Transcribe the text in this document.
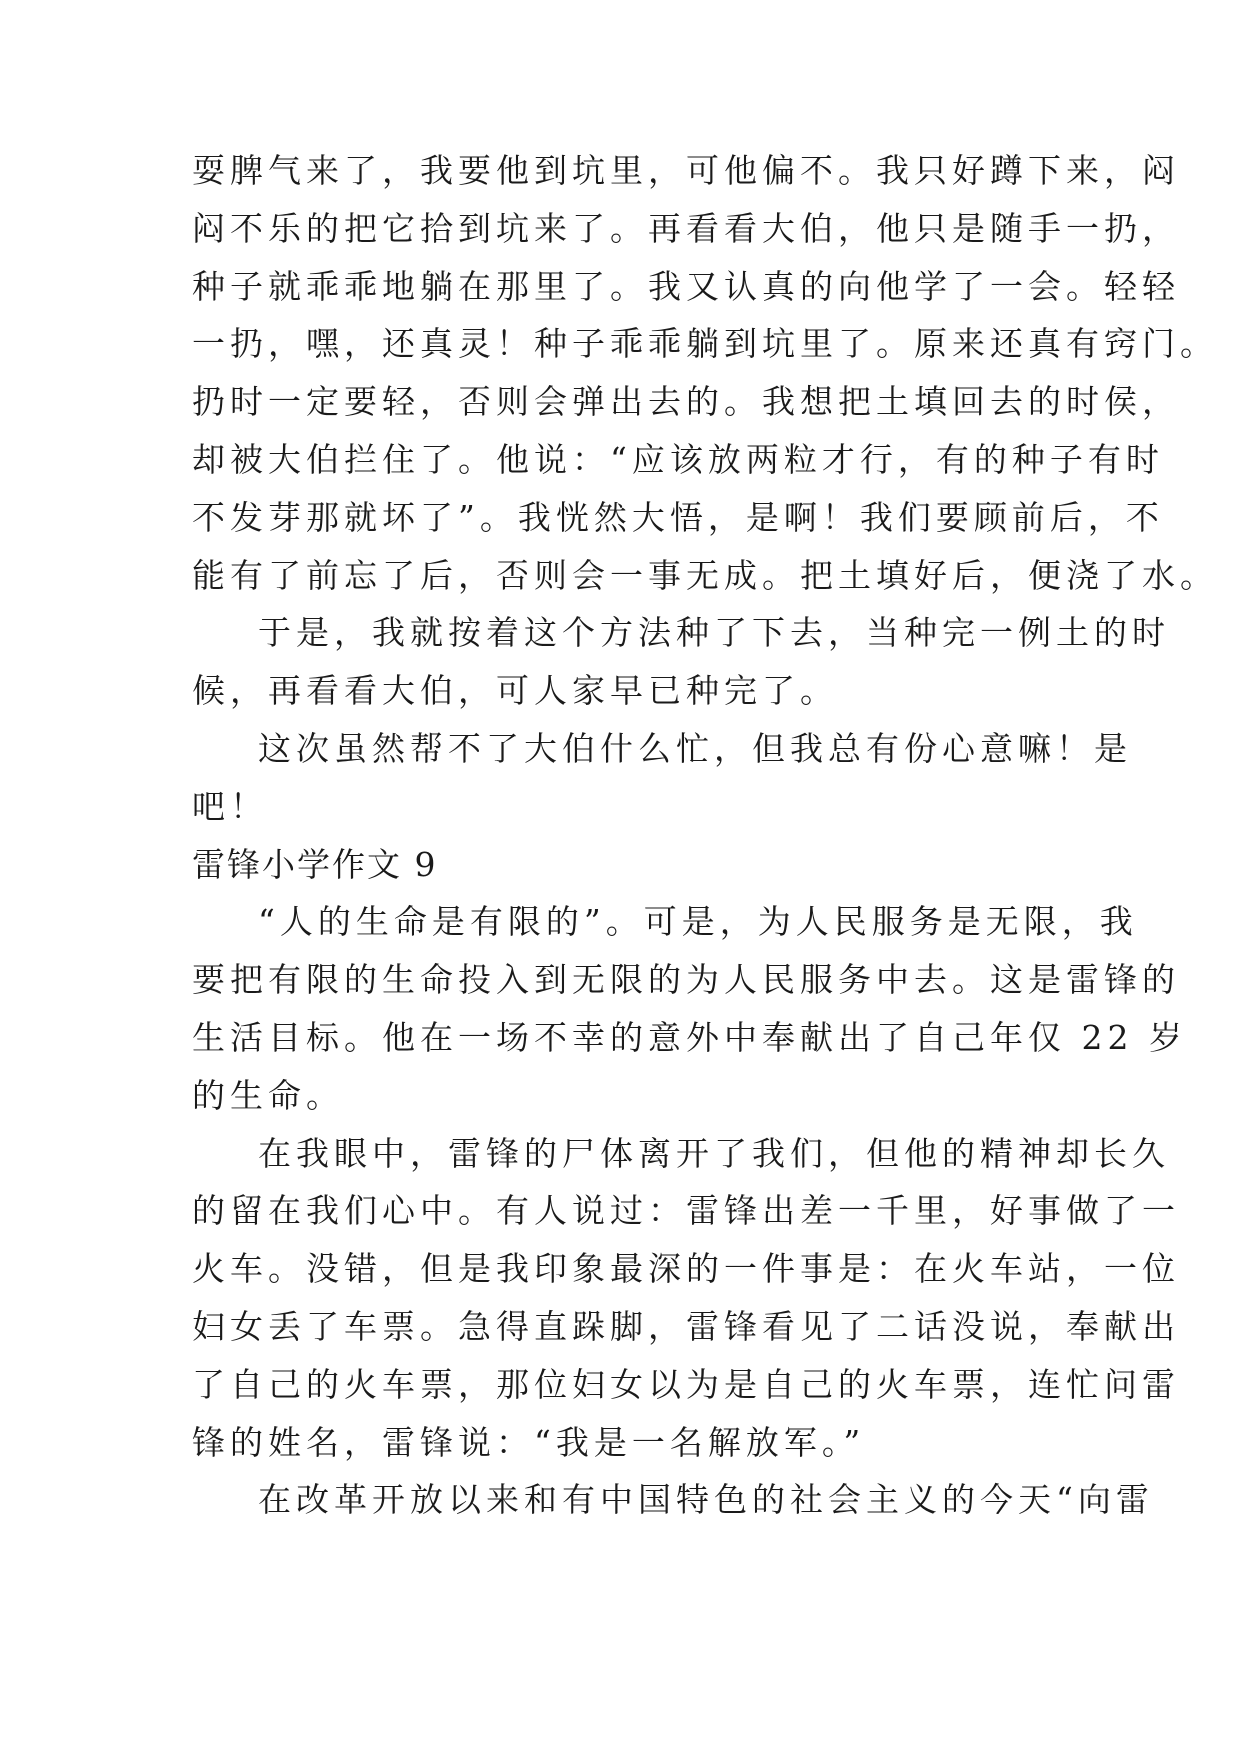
耍脾气来了，我要他到坑里，可他偏不。我只好蹲下来，闷
闷不乐的把它拾到坑来了。再看看大伯，他只是随手一扔，
种子就乖乖地躺在那里了。我又认真的向他学了一会。轻轻
一扔，嘿，还真灵！种子乖乖躺到坑里了。原来还真有窍门。
扔时一定要轻，否则会弹出去的。我想把土填回去的时侯，
却被大伯拦住了。他说：“应该放两粒才行，有的种子有时
不发芽那就坏了”。我恍然大悟，是啊！我们要顾前后，不
能有了前忘了后，否则会一事无成。把土填好后，便浇了水。
于是，我就按着这个方法种了下去，当种完一例土的时
候，再看看大伯，可人家早已种完了。
这次虽然帮不了大伯什么忙，但我总有份心意嘛！是
吧！
雷锋小学作文 9
“人的生命是有限的”。可是，为人民服务是无限，我
要把有限的生命投入到无限的为人民服务中去。这是雷锋的
生活目标。他在一场不幸的意外中奉献出了自己年仅 22 岁
的生命。
在我眼中，雷锋的尸体离开了我们，但他的精神却长久
的留在我们心中。有人说过：雷锋出差一千里，好事做了一
火车。没错，但是我印象最深的一件事是：在火车站，一位
妇女丢了车票。急得直跺脚，雷锋看见了二话没说，奉献出
了自己的火车票，那位妇女以为是自己的火车票，连忙问雷
锋的姓名，雷锋说：“我是一名解放军。”
在改革开放以来和有中国特色的社会主义的今天“向雷
